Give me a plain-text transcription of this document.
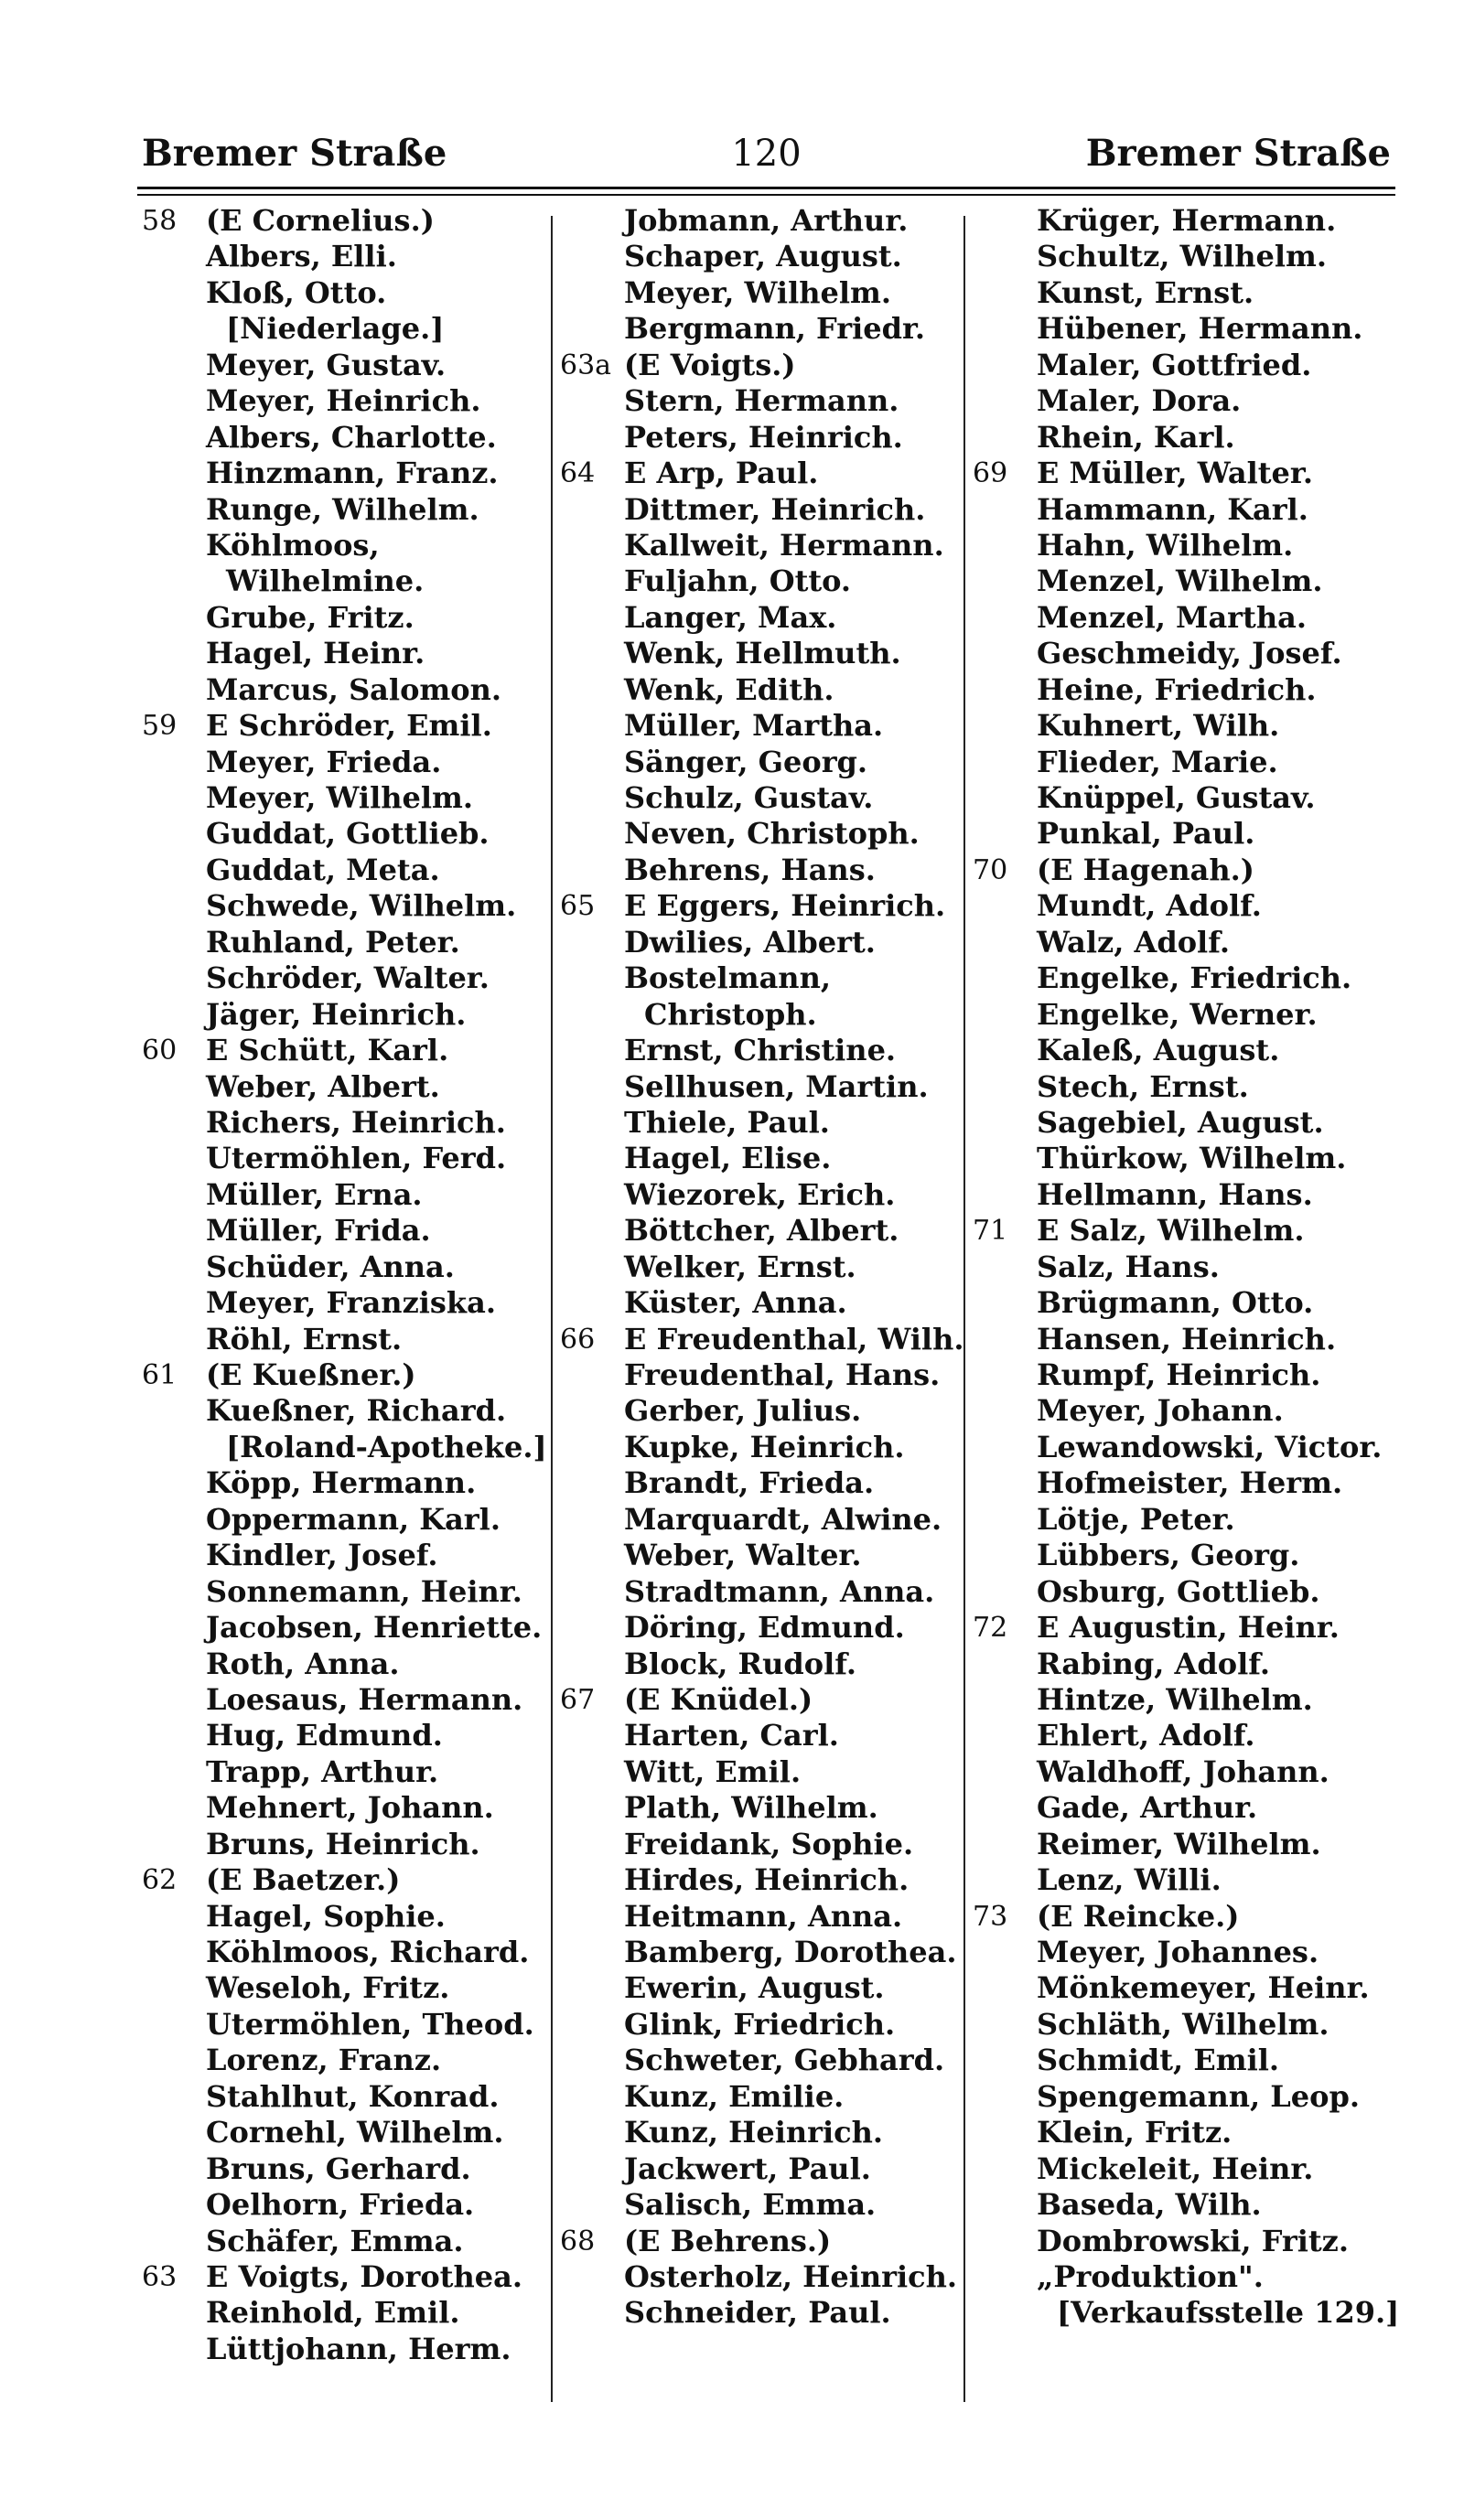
Bremer Straße	120	Bremer Straße
58 (E Cornelius.)
Albers, Elli.
Kloß, Otto.
[Niederlage.]
Meyer, Gustav.
Meyer, Heinrich.
Albers, Charlotte.
Hinzmann, Franz.
Runge, Wilhelm.
Köhlmoos,
Wilhelmine.
Grube, Fritz.
Hagel, Heinr.
Marcus, Salomon.
59 E Schröder, Emil.
Meyer, Frieda.
Meyer, Wilhelm.
Guddat, Gottlieb.
Guddat, Meta.
Schwede, Wilhelm.
Ruhland, Peter.
Schröder, Walter.
Jäger, Heinrich.
60 E Schütt, Karl.
Weber, Albert.
Richers, Heinrich.
Utermöhlen, Ferd.
Müller, Erna.
Müller, Frida.
Schüder, Anna.
Meyer, Franziska.
Röhl, Ernst.
61 (E Kueßner.)
Kueßner, Richard.
[Roland-Apotheke.]
Köpp, Hermann.
Oppermann, Karl.
Kindler, Josef.
Sonnemann, Heinr.
Jacobsen, Henriette.
Roth, Anna.
Loesaus, Hermann.
Hug, Edmund.
Trapp, Arthur.
Mehnert, Johann.
Bruns, Heinrich.
62 (E Baetzer.)
Hagel, Sophie.
Köhlmoos, Richard.
Weseloh, Fritz.
Utermöhlen, Theod.
Lorenz, Franz.
Stahlhut, Konrad.
Cornehl, Wilhelm.
Bruns, Gerhard.
Oelhorn, Frieda.
Schäfer, Emma.
63 E Voigts, Dorothea.
Reinhold, Emil.
Lüttjohann, Herm.
Jobmann, Arthur.
Schaper, August.
Meyer, Wilhelm.
Bergmann, Friedr.
63a (E Voigts.)
Stern, Hermann.
Peters, Heinrich.
64 E Arp, Paul.
Dittmer, Heinrich.
Kallweit, Hermann.
Fuljahn, Otto.
Langer, Max.
Wenk, Hellmuth.
Wenk, Edith.
Müller, Martha.
Sänger, Georg.
Schulz, Gustav.
Neven, Christoph.
Behrens, Hans.
65 E Eggers, Heinrich.
Dwilies, Albert.
Bostelmann,
Christoph.
Ernst, Christine.
Sellhusen, Martin.
Thiele, Paul.
Hagel, Elise.
Wiezorek, Erich.
Böttcher, Albert.
Welker, Ernst.
Küster, Anna.
66 E Freudenthal, Wilh.
Freudenthal, Hans.
Gerber, Julius.
Kupke, Heinrich.
Brandt, Frieda.
Marquardt, Alwine.
Weber, Walter.
Stradtmann, Anna.
Döring, Edmund.
Block, Rudolf.
67 (E Knüdel.)
Harten, Carl.
Witt, Emil.
Plath, Wilhelm.
Freidank, Sophie.
Hirdes, Heinrich.
Heitmann, Anna.
Bamberg, Dorothea.
Ewerin, August.
Glink, Friedrich.
Schweter, Gebhard.
Kunz, Emilie.
Kunz, Heinrich.
Jackwert, Paul.
Salisch, Emma.
68 (E Behrens.)
Osterholz, Heinrich.
Schneider, Paul.
Krüger, Hermann.
Schultz, Wilhelm.
Kunst, Ernst.
Hübener, Hermann.
Maler, Gottfried.
Maler, Dora.
Rhein, Karl.
69 E Müller, Walter.
Hammann, Karl.
Hahn, Wilhelm.
Menzel, Wilhelm.
Menzel, Martha.
Geschmeidy, Josef.
Heine, Friedrich.
Kuhnert, Wilh.
Flieder, Marie.
Knüppel, Gustav.
Punkal, Paul.
70 (E Hagenah.)
Mundt, Adolf.
Walz, Adolf.
Engelke, Friedrich.
Engelke, Werner.
Kaleß, August.
Stech, Ernst.
Sagebiel, August.
Thürkow, Wilhelm.
Hellmann, Hans.
71 E Salz, Wilhelm.
Salz, Hans.
Brügmann, Otto.
Hansen, Heinrich.
Rumpf, Heinrich.
Meyer, Johann.
Lewandowski, Victor.
Hofmeister, Herm.
Lötje, Peter.
Lübbers, Georg.
Osburg, Gottlieb.
72 E Augustin, Heinr.
Rabing, Adolf.
Hintze, Wilhelm.
Ehlert, Adolf.
Waldhoff, Johann.
Gade, Arthur.
Reimer, Wilhelm.
Lenz, Willi.
73 (E Reincke.)
Meyer, Johannes.
Mönkemeyer, Heinr.
Schläth, Wilhelm.
Schmidt, Emil.
Spengemann, Leop.
Klein, Fritz.
Mickeleit, Heinr.
Baseda, Wilh.
Dombrowski, Fritz.
„Produktion".
[Verkaufsstelle 129.]
